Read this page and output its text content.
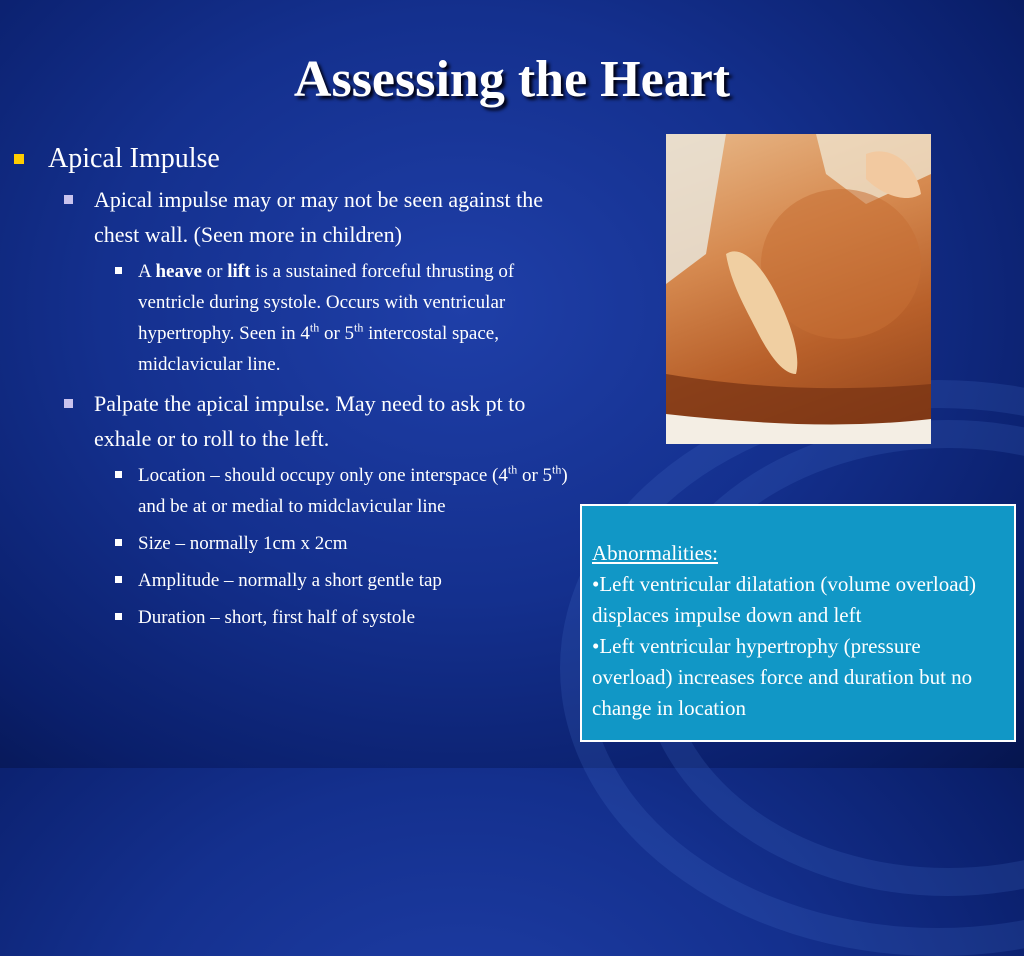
Assessing the Heart
Apical Impulse
Apical impulse may or may not be seen against the chest wall. (Seen more in children)
A heave or lift is a sustained forceful thrusting of ventricle during systole. Occurs with ventricular hypertrophy. Seen in 4th or 5th intercostal space, midclavicular line.
Palpate the apical impulse. May need to ask pt to exhale or to roll to the left.
Location – should occupy only one interspace (4th or 5th) and be at or medial to midclavicular line
Size – normally 1cm x 2cm
Amplitude – normally a short gentle tap
Duration – short, first half of systole
Abnormalities:
•Left ventricular dilatation (volume overload) displaces impulse down and left
•Left ventricular hypertrophy (pressure overload) increases force and duration but no change in location
